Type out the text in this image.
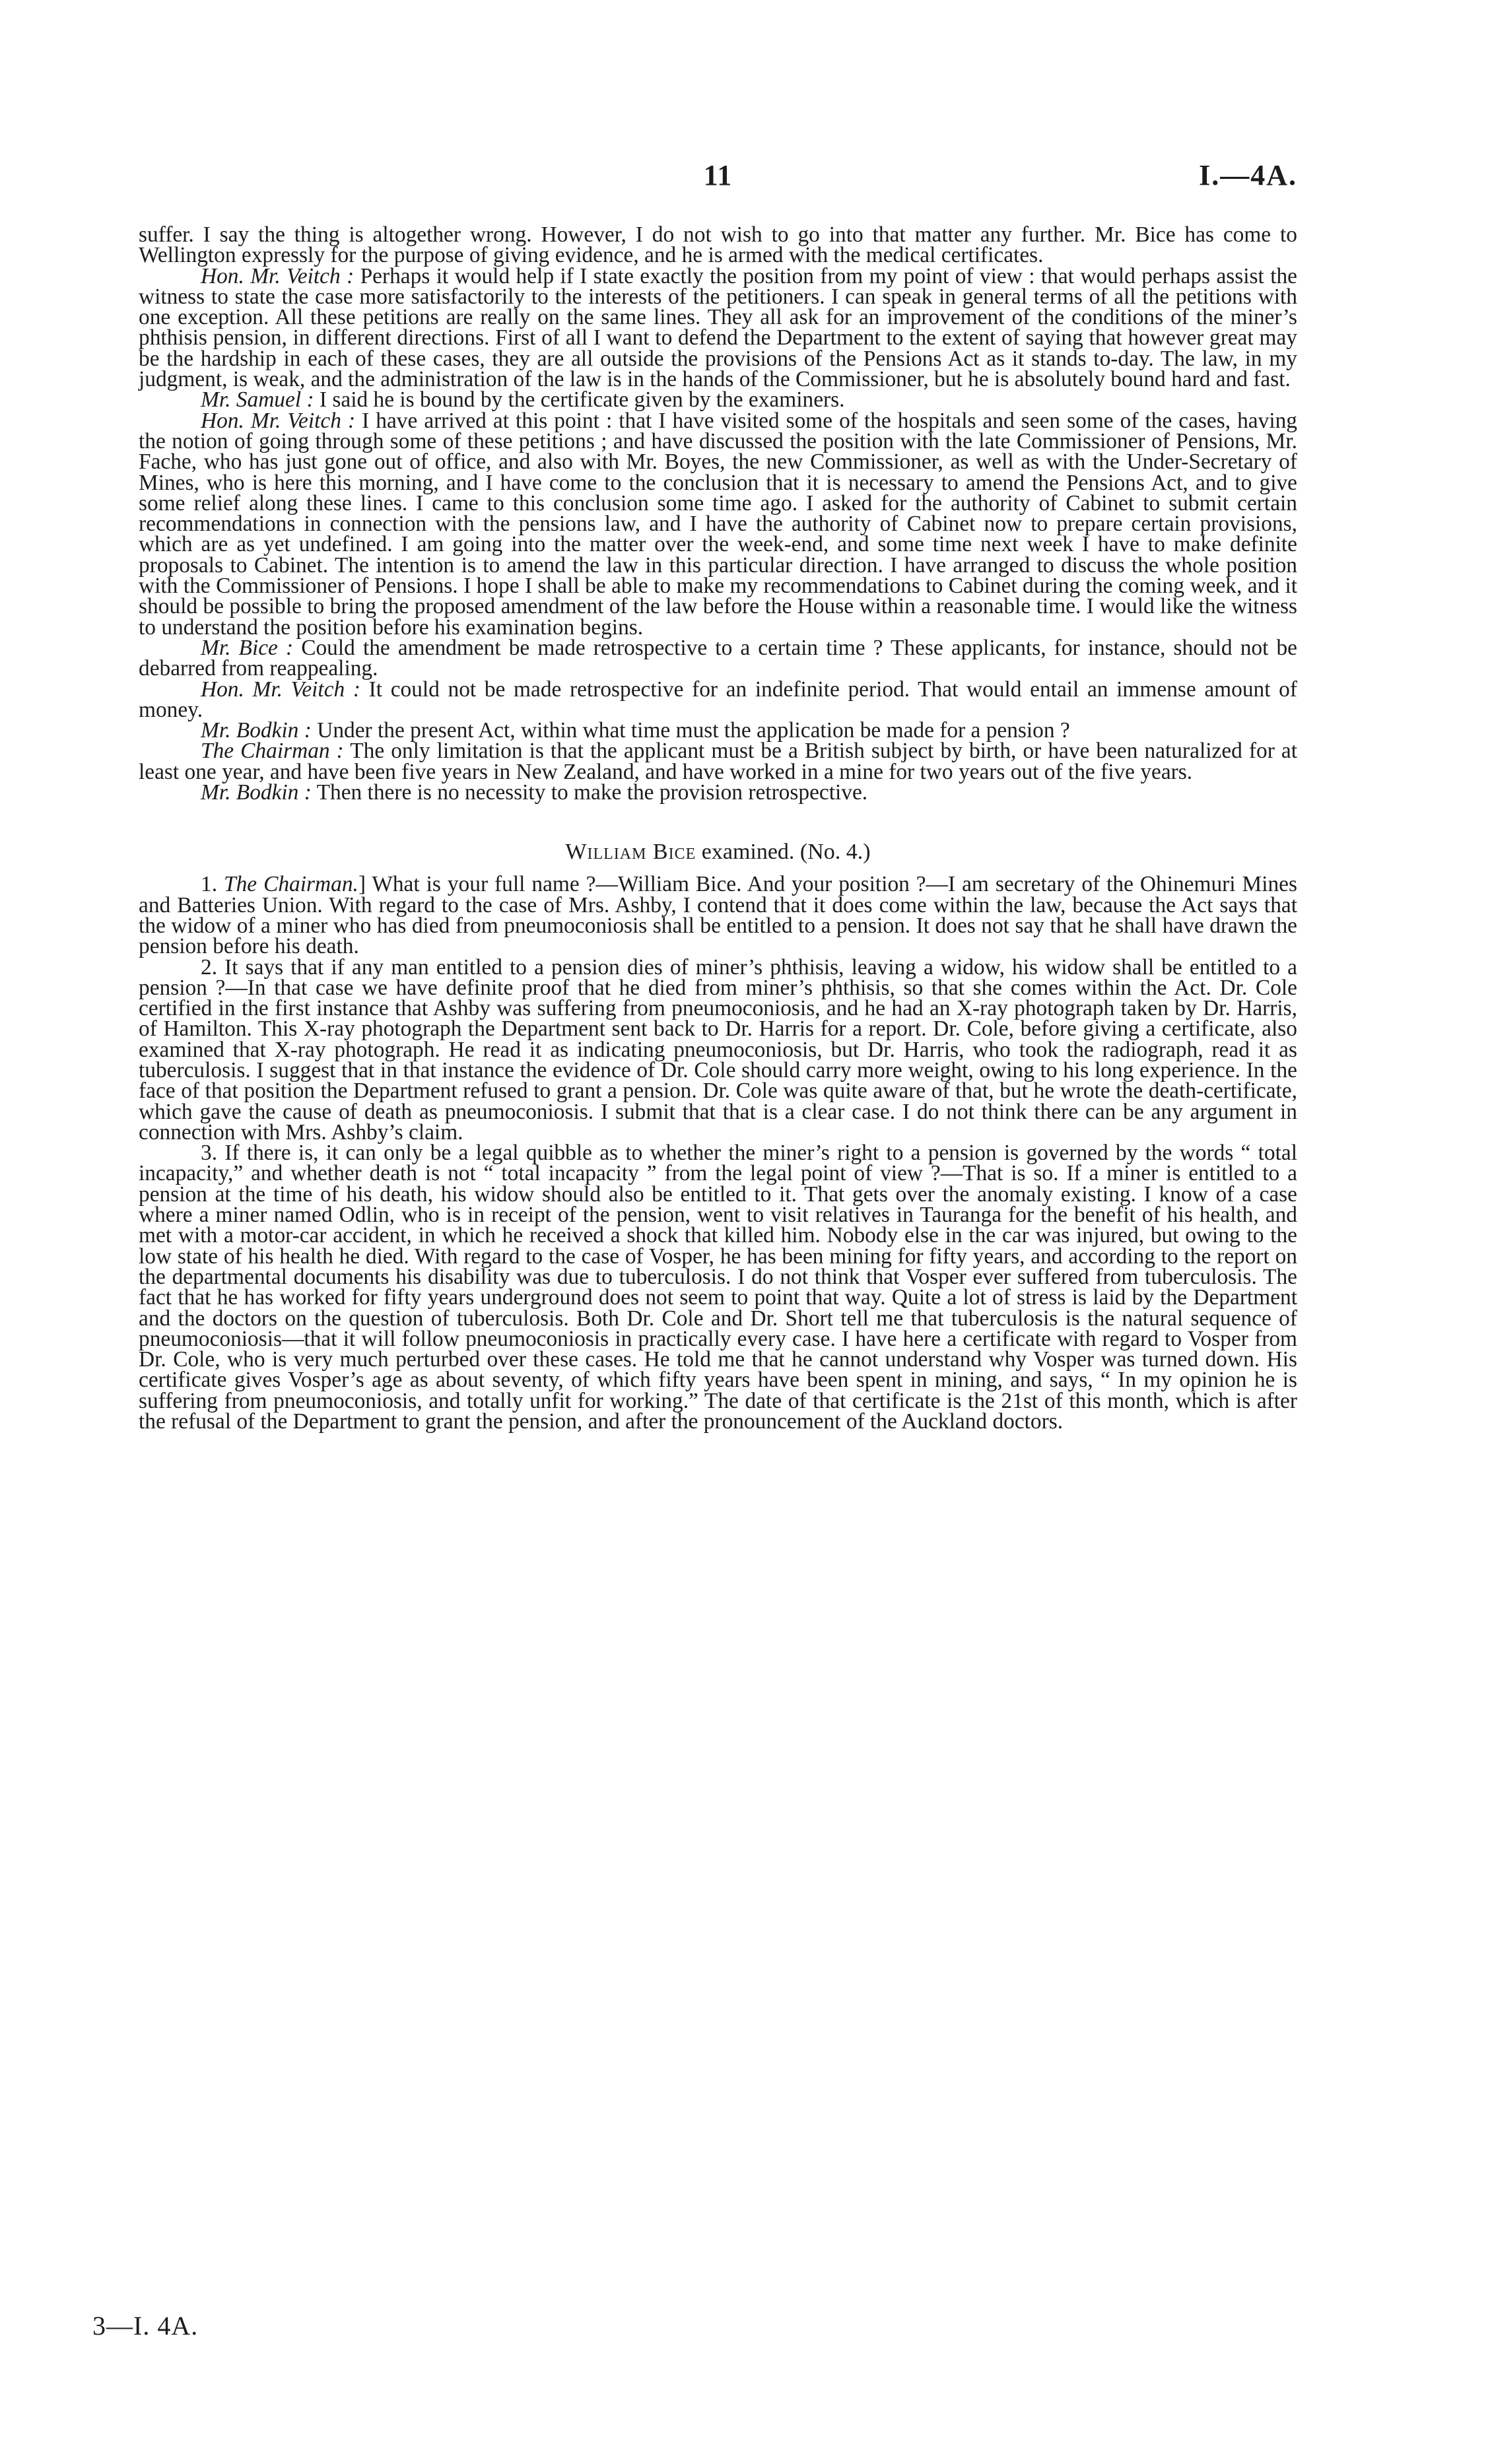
11	I.—4A.

suffer. I say the thing is altogether wrong. However, I do not wish to go into that matter any further. Mr. Bice has come to Wellington expressly for the purpose of giving evidence, and he is armed with the medical certificates.

Hon. Mr. Veitch : Perhaps it would help if I state exactly the position from my point of view : that would perhaps assist the witness to state the case more satisfactorily to the interests of the petitioners. I can speak in general terms of all the petitions with one exception. All these petitions are really on the same lines. They all ask for an improvement of the conditions of the miner’s phthisis pension, in different directions. First of all I want to defend the Department to the extent of saying that however great may be the hardship in each of these cases, they are all outside the provisions of the Pensions Act as it stands to-day. The law, in my judgment, is weak, and the administration of the law is in the hands of the Commissioner, but he is absolutely bound hard and fast.

Mr. Samuel : I said he is bound by the certificate given by the examiners.

Hon. Mr. Veitch : I have arrived at this point : that I have visited some of the hospitals and seen some of the cases, having the notion of going through some of these petitions ; and have discussed the position with the late Commissioner of Pensions, Mr. Fache, who has just gone out of office, and also with Mr. Boyes, the new Commissioner, as well as with the Under-Secretary of Mines, who is here this morning, and I have come to the conclusion that it is necessary to amend the Pensions Act, and to give some relief along these lines. I came to this conclusion some time ago. I asked for the authority of Cabinet to submit certain recommendations in connection with the pensions law, and I have the authority of Cabinet now to prepare certain provisions, which are as yet undefined. I am going into the matter over the week-end, and some time next week I have to make definite proposals to Cabinet. The intention is to amend the law in this particular direction. I have arranged to discuss the whole position with the Commissioner of Pensions. I hope I shall be able to make my recommendations to Cabinet during the coming week, and it should be possible to bring the proposed amendment of the law before the House within a reasonable time. I would like the witness to understand the position before his examination begins.

Mr. Bice : Could the amendment be made retrospective to a certain time ? These applicants, for instance, should not be debarred from reappealing.

Hon. Mr. Veitch : It could not be made retrospective for an indefinite period. That would entail an immense amount of money.

Mr. Bodkin : Under the present Act, within what time must the application be made for a pension ?

The Chairman : The only limitation is that the applicant must be a British subject by birth, or have been naturalized for at least one year, and have been five years in New Zealand, and have worked in a mine for two years out of the five years.

Mr. Bodkin : Then there is no necessity to make the provision retrospective.

William Bice examined. (No. 4.)

1. The Chairman.] What is your full name ?—William Bice. And your position ?—I am secretary of the Ohinemuri Mines and Batteries Union. With regard to the case of Mrs. Ashby, I contend that it does come within the law, because the Act says that the widow of a miner who has died from pneumoconiosis shall be entitled to a pension. It does not say that he shall have drawn the pension before his death.

2. It says that if any man entitled to a pension dies of miner’s phthisis, leaving a widow, his widow shall be entitled to a pension ?—In that case we have definite proof that he died from miner’s phthisis, so that she comes within the Act. Dr. Cole certified in the first instance that Ashby was suffering from pneumoconiosis, and he had an X-ray photograph taken by Dr. Harris, of Hamilton. This X-ray photograph the Department sent back to Dr. Harris for a report. Dr. Cole, before giving a certificate, also examined that X-ray photograph. He read it as indicating pneumoconiosis, but Dr. Harris, who took the radiograph, read it as tuberculosis. I suggest that in that instance the evidence of Dr. Cole should carry more weight, owing to his long experience. In the face of that position the Department refused to grant a pension. Dr. Cole was quite aware of that, but he wrote the death-certificate, which gave the cause of death as pneumoconiosis. I submit that that is a clear case. I do not think there can be any argument in connection with Mrs. Ashby’s claim.

3. If there is, it can only be a legal quibble as to whether the miner’s right to a pension is governed by the words “ total incapacity,” and whether death is not “ total incapacity ” from the legal point of view ?—That is so. If a miner is entitled to a pension at the time of his death, his widow should also be entitled to it. That gets over the anomaly existing. I know of a case where a miner named Odlin, who is in receipt of the pension, went to visit relatives in Tauranga for the benefit of his health, and met with a motor-car accident, in which he received a shock that killed him. Nobody else in the car was injured, but owing to the low state of his health he died. With regard to the case of Vosper, he has been mining for fifty years, and according to the report on the departmental documents his disability was due to tuberculosis. I do not think that Vosper ever suffered from tuberculosis. The fact that he has worked for fifty years underground does not seem to point that way. Quite a lot of stress is laid by the Department and the doctors on the question of tuberculosis. Both Dr. Cole and Dr. Short tell me that tuberculosis is the natural sequence of pneumoconiosis—that it will follow pneumoconiosis in practically every case. I have here a certificate with regard to Vosper from Dr. Cole, who is very much perturbed over these cases. He told me that he cannot understand why Vosper was turned down. His certificate gives Vosper’s age as about seventy, of which fifty years have been spent in mining, and says, “ In my opinion he is suffering from pneumoconiosis, and totally unfit for working.” The date of that certificate is the 21st of this month, which is after the refusal of the Department to grant the pension, and after the pronouncement of the Auckland doctors.

3—I. 4A.
